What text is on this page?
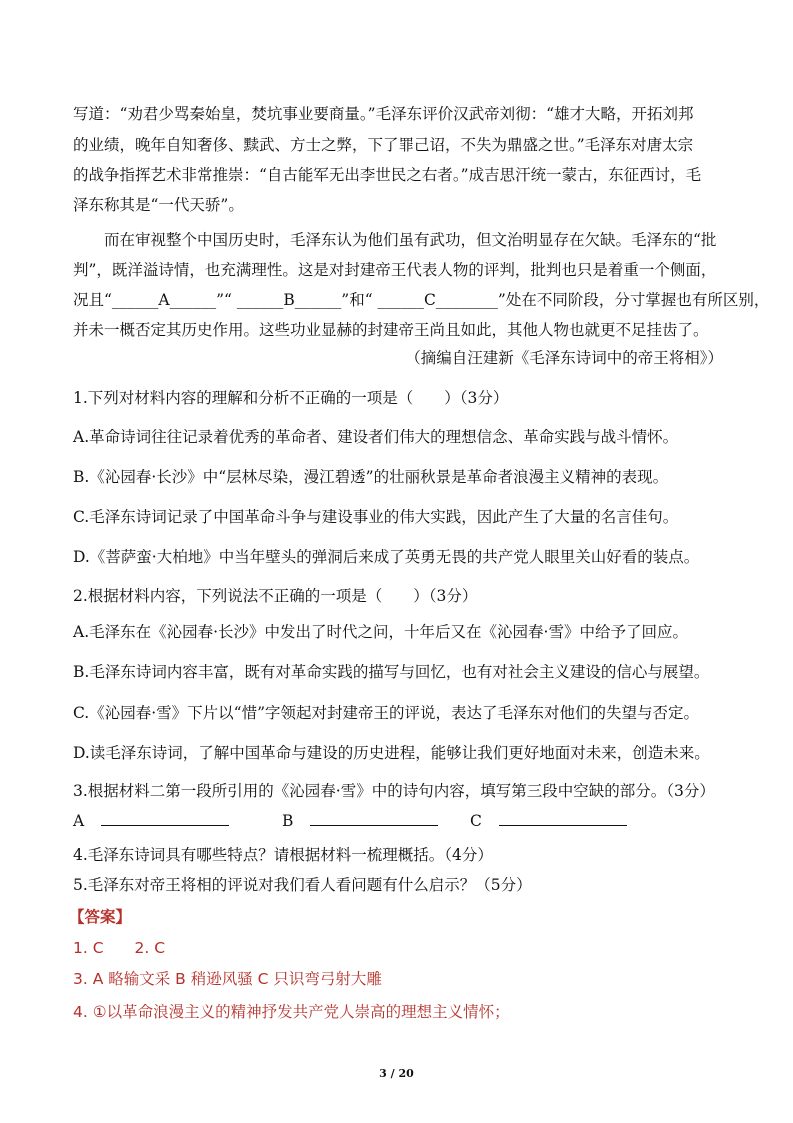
写道：“劝君少骂秦始皇，焚坑事业要商量。”毛泽东评价汉武帝刘彻：“雄才大略，开拓刘邦
的业绩，晚年自知奢侈、黩武、方士之弊，下了罪己诏，不失为鼎盛之世。”毛泽东对唐太宗
的战争指挥艺术非常推崇：“自古能军无出李世民之右者。”成吉思汗统一蒙古，东征西讨，毛
泽东称其是“一代天骄”。
　　而在审视整个中国历史时，毛泽东认为他们虽有武功，但文治明显存在欠缺。毛泽东的“批
判”，既洋溢诗情，也充满理性。这是对封建帝王代表人物的评判，批判也只是着重一个侧面，
况且“______A______”“ ______B______”和“ ______C________”处在不同阶段，分寸掌握也有所区别，
并未一概否定其历史作用。这些功业显赫的封建帝王尚且如此，其他人物也就更不足挂齿了。
（摘编自汪建新《毛泽东诗词中的帝王将相》）
1.下列对材料内容的理解和分析不正确的一项是（　　）（3分）
A.革命诗词往往记录着优秀的革命者、建设者们伟大的理想信念、革命实践与战斗情怀。
B.《沁园春·长沙》中“层林尽染，漫江碧透”的壮丽秋景是革命者浪漫主义精神的表现。
C.毛泽东诗词记录了中国革命斗争与建设事业的伟大实践，因此产生了大量的名言佳句。
D.《菩萨蛮·大柏地》中当年壁头的弹洞后来成了英勇无畏的共产党人眼里关山好看的装点。
2.根据材料内容，下列说法不正确的一项是（　　）（3分）
A.毛泽东在《沁园春·长沙》中发出了时代之问，十年后又在《沁园春·雪》中给予了回应。
B.毛泽东诗词内容丰富，既有对革命实践的描写与回忆，也有对社会主义建设的信心与展望。
C.《沁园春·雪》下片以“惜”字领起对封建帝王的评说，表达了毛泽东对他们的失望与否定。
D.读毛泽东诗词，了解中国革命与建设的历史进程，能够让我们更好地面对未来，创造未来。
3.根据材料二第一段所引用的《沁园春·雪》中的诗句内容，填写第三段中空缺的部分。（3分）
A	B	C
4.毛泽东诗词具有哪些特点？请根据材料一梳理概括。（4分）
5.毛泽东对帝王将相的评说对我们看人看问题有什么启示？（5分）
【答案】
1. C　　2. C
3. A 略输文采 B 稍逊风骚 C 只识弯弓射大雕
4. ①以革命浪漫主义的精神抒发共产党人崇高的理想主义情怀；
3 / 20
